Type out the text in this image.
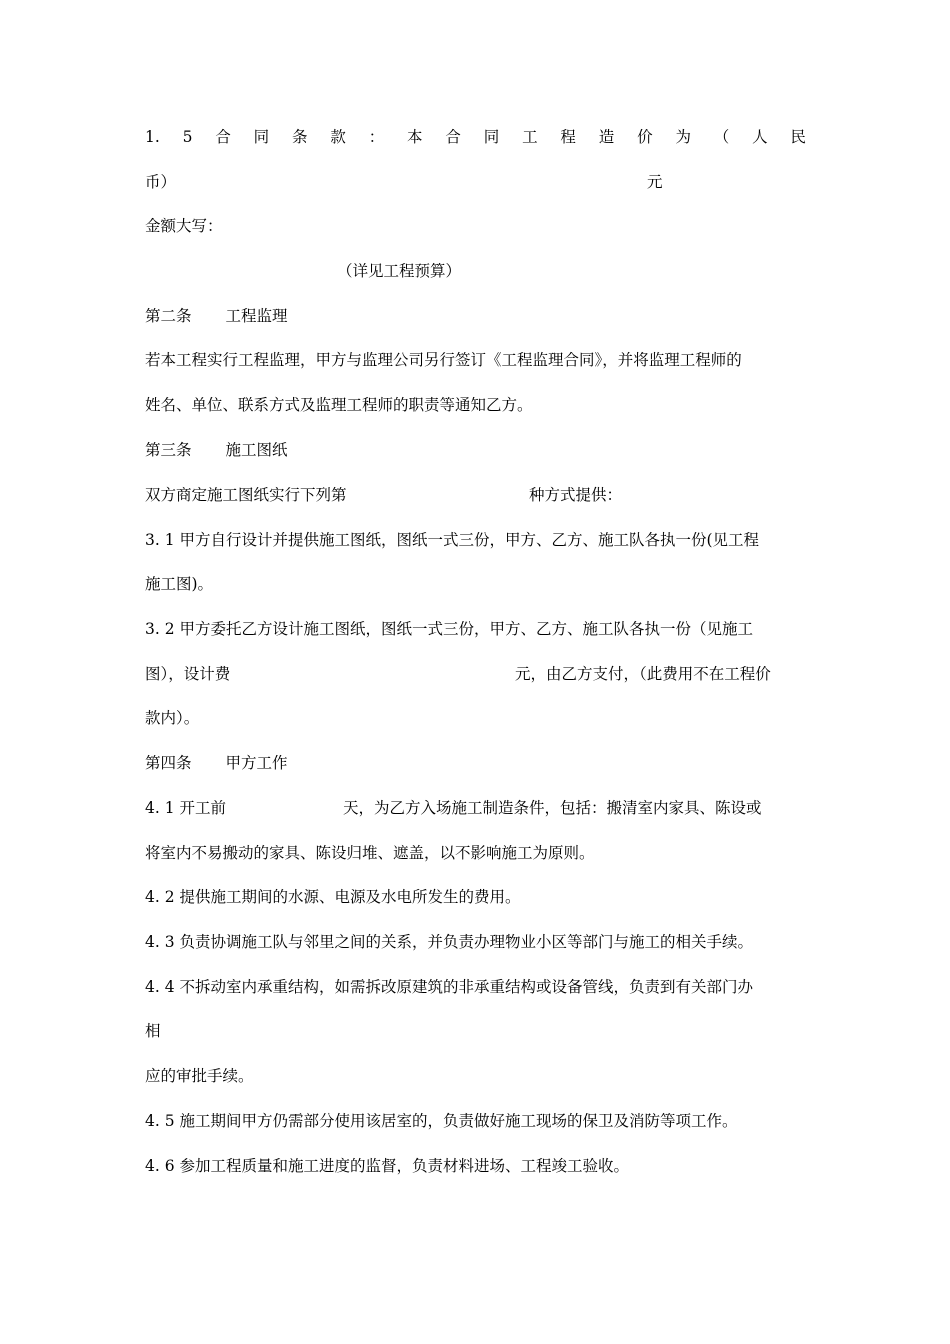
1. 5 合 同 条 款 ： 本 合 同 工 程 造 价 为 （ 人 民
币）	元
金额大写：
（详见工程预算）
第二条 工程监理
若本工程实行工程监理，甲方与监理公司另行签订《工程监理合同》，并将监理工程师的
姓名、单位、联系方式及监理工程师的职责等通知乙方。
第三条 施工图纸
双方商定施工图纸实行下列第	种方式提供：
3. 1 甲方自行设计并提供施工图纸，图纸一式三份，甲方、乙方、施工队各执一份(见工程
施工图)。
3. 2 甲方委托乙方设计施工图纸，图纸一式三份，甲方、乙方、施工队各执一份（见施工
图），设计费	元，由乙方支付，（此费用不在工程价
款内）。
第四条 甲方工作
4. 1 开工前	天，为乙方入场施工制造条件，包括：搬清室内家具、陈设或
将室内不易搬动的家具、陈设归堆、遮盖，以不影响施工为原则。
4. 2 提供施工期间的水源、电源及水电所发生的费用。
4. 3 负责协调施工队与邻里之间的关系，并负责办理物业小区等部门与施工的相关手续。
4. 4 不拆动室内承重结构，如需拆改原建筑的非承重结构或设备管线，负责到有关部门办
相
应的审批手续。
4. 5 施工期间甲方仍需部分使用该居室的，负责做好施工现场的保卫及消防等项工作。
4. 6 参加工程质量和施工进度的监督，负责材料进场、工程竣工验收。
